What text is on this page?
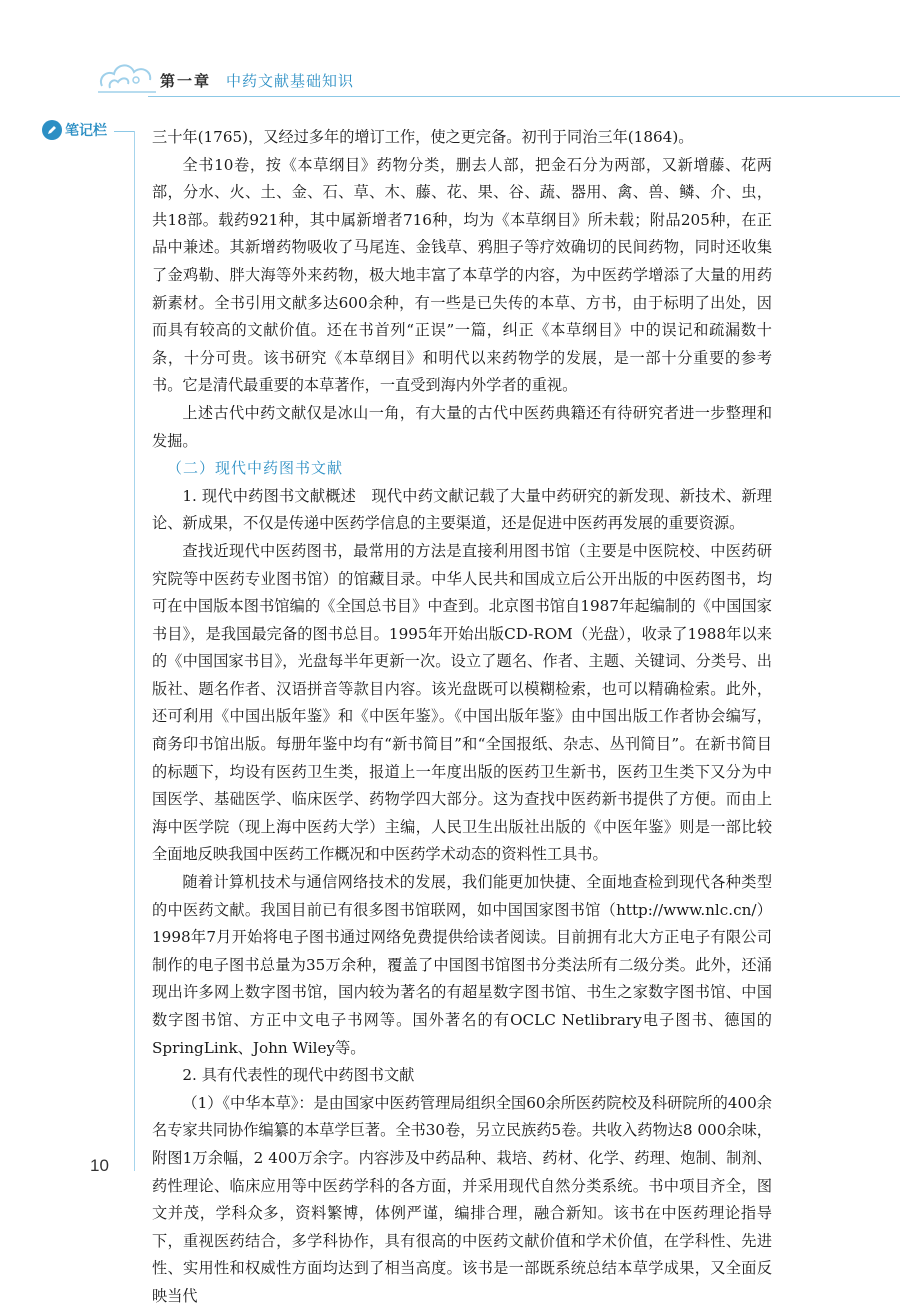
第一章 中药文献基础知识
笔记栏	三十年(1765)，又经过多年的增订工作，使之更完备。初刊于同治三年(1864)。

全书10卷，按《本草纲目》药物分类，删去人部，把金石分为两部，又新增藤、花两部，分水、火、土、金、石、草、木、藤、花、果、谷、蔬、器用、禽、兽、鳞、介、虫，共18部。载药921种，其中属新增者716种，均为《本草纲目》所未载；附品205种，在正品中兼述。其新增药物吸收了马尾连、金钱草、鸦胆子等疗效确切的民间药物，同时还收集了金鸡勒、胖大海等外来药物，极大地丰富了本草学的内容，为中医药学增添了大量的用药新素材。全书引用文献多达600余种，有一些是已失传的本草、方书，由于标明了出处，因而具有较高的文献价值。还在书首列“正误”一篇，纠正《本草纲目》中的误记和疏漏数十条，十分可贵。该书研究《本草纲目》和明代以来药物学的发展，是一部十分重要的参考书。它是清代最重要的本草著作，一直受到海内外学者的重视。

上述古代中药文献仅是冰山一角，有大量的古代中医药典籍还有待研究者进一步整理和发掘。

（二）现代中药图书文献

1. 现代中药图书文献概述　现代中药文献记载了大量中药研究的新发现、新技术、新理论、新成果，不仅是传递中医药学信息的主要渠道，还是促进中医药再发展的重要资源。

查找近现代中医药图书，最常用的方法是直接利用图书馆（主要是中医院校、中医药研究院等中医药专业图书馆）的馆藏目录。中华人民共和国成立后公开出版的中医药图书，均可在中国版本图书馆编的《全国总书目》中查到。北京图书馆自1987年起编制的《中国国家书目》，是我国最完备的图书总目。1995年开始出版CD-ROM（光盘），收录了1988年以来的《中国国家书目》，光盘每半年更新一次。设立了题名、作者、主题、关键词、分类号、出版社、题名作者、汉语拼音等款目内容。该光盘既可以模糊检索，也可以精确检索。此外，还可利用《中国出版年鉴》和《中医年鉴》。《中国出版年鉴》由中国出版工作者协会编写，商务印书馆出版。每册年鉴中均有“新书简目”和“全国报纸、杂志、丛刊简目”。在新书简目的标题下，均设有医药卫生类，报道上一年度出版的医药卫生新书，医药卫生类下又分为中国医学、基础医学、临床医学、药物学四大部分。这为查找中医药新书提供了方便。而由上海中医学院（现上海中医药大学）主编，人民卫生出版社出版的《中医年鉴》则是一部比较全面地反映我国中医药工作概况和中医药学术动态的资料性工具书。

随着计算机技术与通信网络技术的发展，我们能更加快捷、全面地查检到现代各种类型的中医药文献。我国目前已有很多图书馆联网，如中国国家图书馆（http://www.nlc.cn/）1998年7月开始将电子图书通过网络免费提供给读者阅读。目前拥有北大方正电子有限公司制作的电子图书总量为35万余种，覆盖了中国图书馆图书分类法所有二级分类。此外，还涌现出许多网上数字图书馆，国内较为著名的有超星数字图书馆、书生之家数字图书馆、中国数字图书馆、方正中文电子书网等。国外著名的有OCLC Netlibrary电子图书、德国的SpringLink、John Wiley等。

2. 具有代表性的现代中药图书文献

（1）《中华本草》：是由国家中医药管理局组织全国60余所医药院校及科研院所的400余名专家共同协作编纂的本草学巨著。全书30卷，另立民族药5卷。共收入药物达8 000余味，附图1万余幅，2 400万余字。内容涉及中药品种、栽培、药材、化学、药理、炮制、制剂、药性理论、临床应用等中医药学科的各方面，并采用现代自然分类系统。书中项目齐全，图文并茂，学科众多，资料繁博，体例严谨，编排合理，融合新知。该书在中医药理论指导下，重视医药结合，多学科协作，具有很高的中医药文献价值和学术价值，在学科性、先进性、实用性和权威性方面均达到了相当高度。该书是一部既系统总结本草学成果，又全面反映当代

10
